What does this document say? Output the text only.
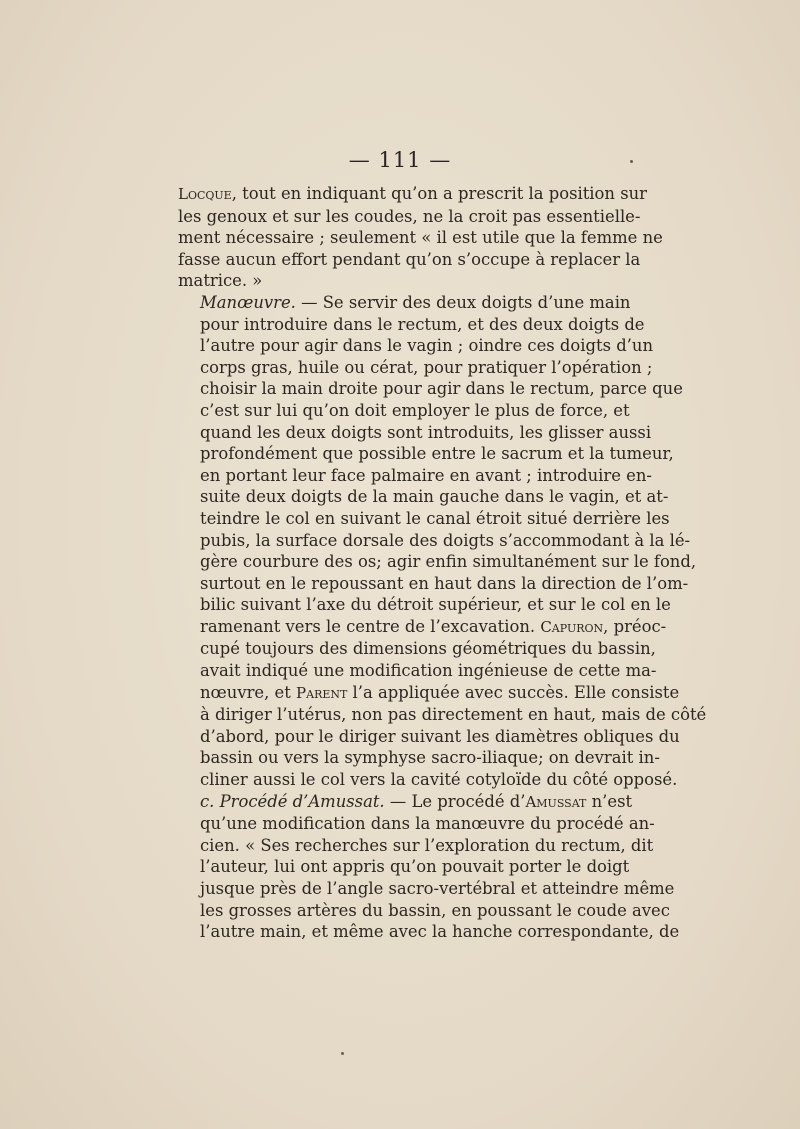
— 111 —
Locque, tout en indiquant qu’on a prescrit la position sur
les genoux et sur les coudes, ne la croit pas essentielle-
ment nécessaire ; seulement « il est utile que la femme ne
fasse aucun effort pendant qu’on s’occupe à replacer la
matrice. »
Manœuvre. — Se servir des deux doigts d’une main
pour introduire dans le rectum, et des deux doigts de
l’autre pour agir dans le vagin ; oindre ces doigts d’un
corps gras, huile ou cérat, pour pratiquer l’opération ;
choisir la main droite pour agir dans le rectum, parce que
c’est sur lui qu’on doit employer le plus de force, et
quand les deux doigts sont introduits, les glisser aussi
profondément que possible entre le sacrum et la tumeur,
en portant leur face palmaire en avant ; introduire en-
suite deux doigts de la main gauche dans le vagin, et at-
teindre le col en suivant le canal étroit situé derrière les
pubis, la surface dorsale des doigts s’accommodant à la lé-
gère courbure des os; agir enfin simultanément sur le fond,
surtout en le repoussant en haut dans la direction de l’om-
bilic suivant l’axe du détroit supérieur, et sur le col en le
ramenant vers le centre de l’excavation. Capuron, préoc-
cupé toujours des dimensions géométriques du bassin,
avait indiqué une modification ingénieuse de cette ma-
nœuvre, et Parent l’a appliquée avec succès. Elle consiste
à diriger l’utérus, non pas directement en haut, mais de côté
d’abord, pour le diriger suivant les diamètres obliques du
bassin ou vers la symphyse sacro-iliaque; on devrait in-
cliner aussi le col vers la cavité cotyloïde du côté opposé.
c. Procédé d’Amussat. — Le procédé d’Amussat n’est
qu’une modification dans la manœuvre du procédé an-
cien. « Ses recherches sur l’exploration du rectum, dit
l’auteur, lui ont appris qu’on pouvait porter le doigt
jusque près de l’angle sacro-vertébral et atteindre même
les grosses artères du bassin, en poussant le coude avec
l’autre main, et même avec la hanche correspondante, de
